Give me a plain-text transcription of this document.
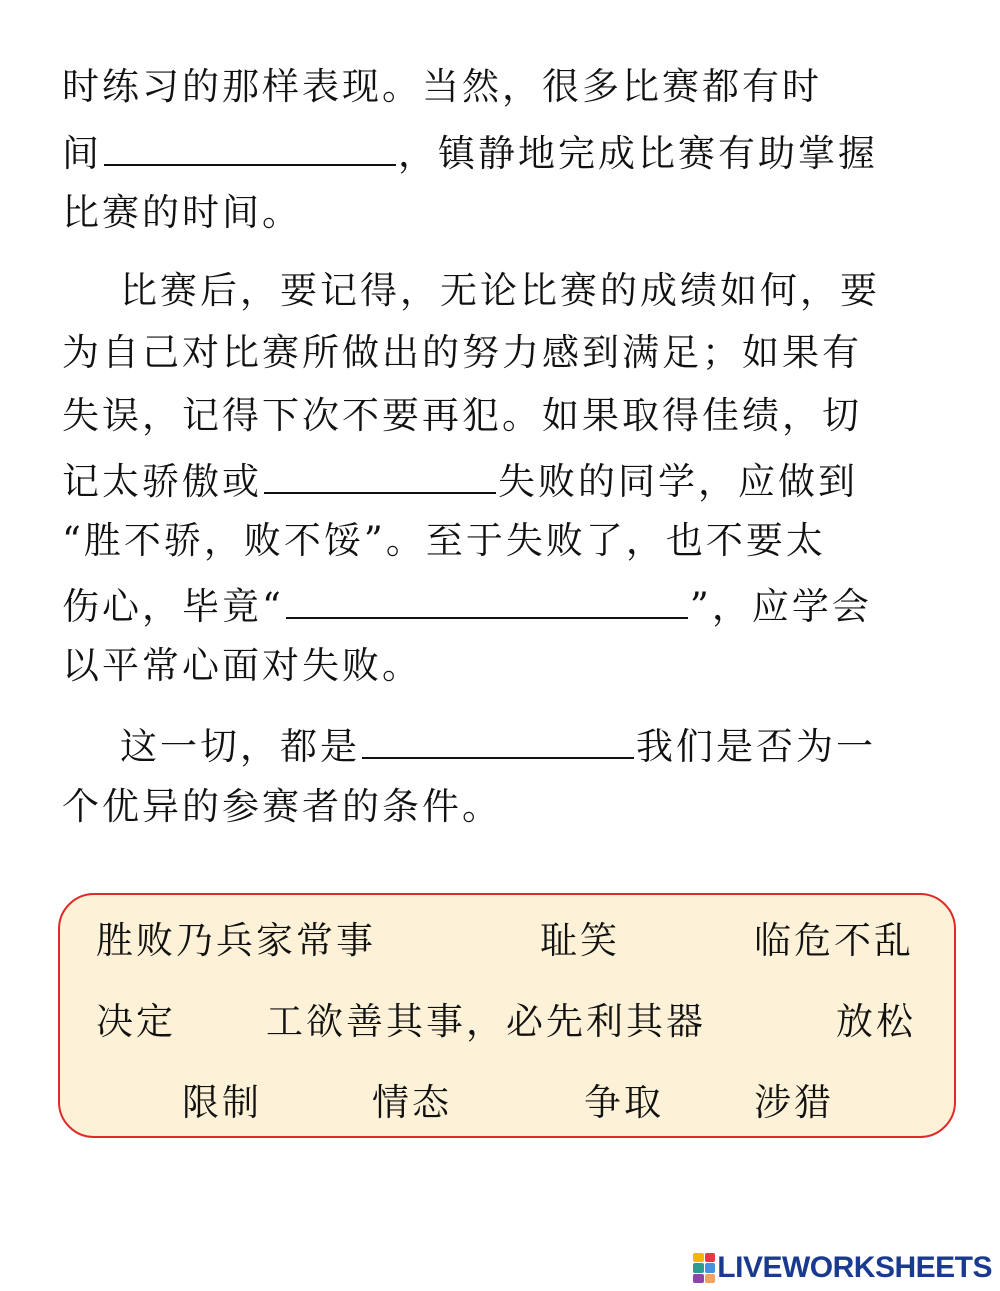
时练习的那样表现。当然，很多比赛都有时
间	，镇静地完成比赛有助掌握
比赛的时间。
比赛后，要记得，无论比赛的成绩如何，要
为自己对比赛所做出的努力感到满足；如果有
失误，记得下次不要再犯。如果取得佳绩，切
记太骄傲或	失败的同学，应做到
“胜不骄，败不馁”。至于失败了，也不要太
伤心，毕竟“	”，应学会
以平常心面对失败。
这一切，都是	我们是否为一
个优异的参赛者的条件。
胜败乃兵家常事	耻笑	临危不乱
决定 工欲善其事，必先利其器	放松
限制	情态	争取 涉猎
LIVEWORKSHEETS
